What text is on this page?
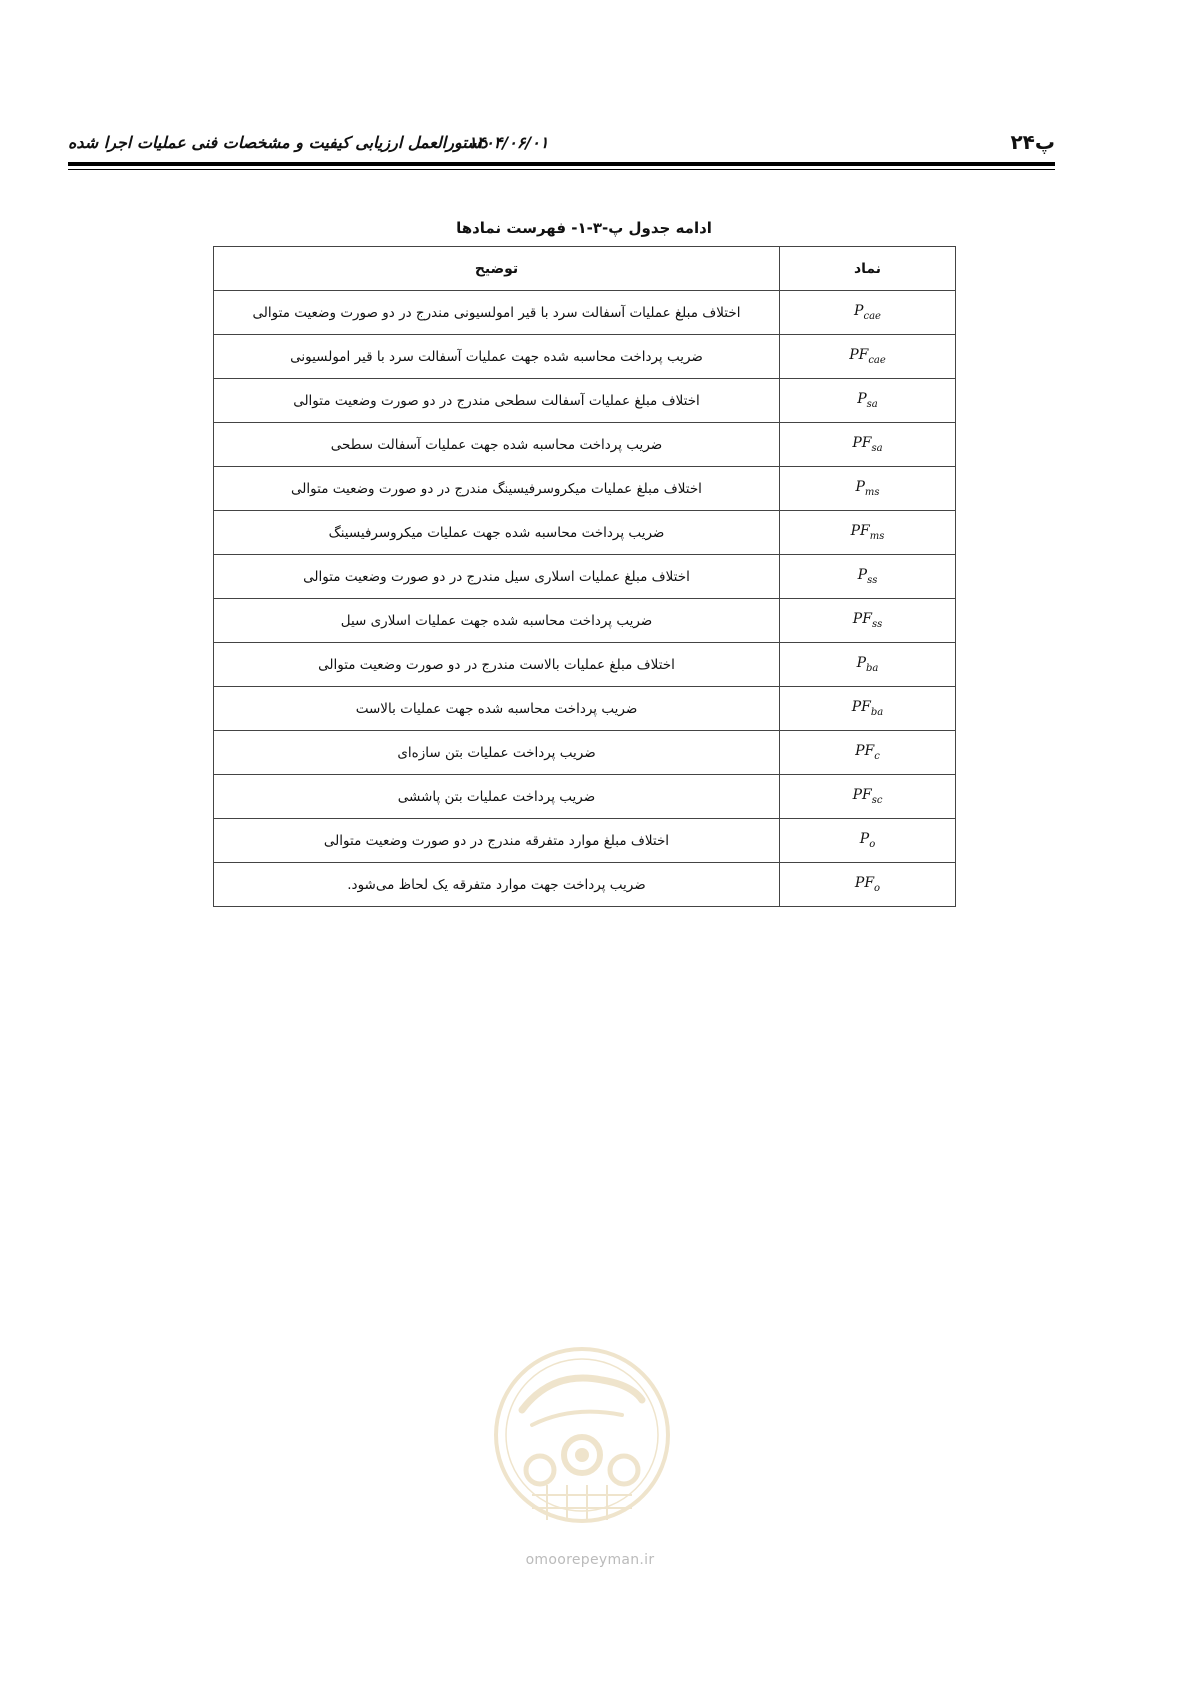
پ۲۴
۱۴۰۴/۰۶/۰۱
دستورالعمل ارزیابی کیفیت و مشخصات فنی عملیات اجرا شده
ادامه جدول پ-۳-۱- فهرست نمادها
نماد	توضیح
$P_{cae}$	اختلاف مبلغ عملیات آسفالت سرد با قیر امولسیونی مندرج در دو صورت وضعیت متوالی
$PF_{cae}$	ضریب پرداخت محاسبه شده جهت عملیات آسفالت سرد با قیر امولسیونی
$P_{sa}$	اختلاف مبلغ عملیات آسفالت سطحی مندرج در دو صورت وضعیت متوالی
$PF_{sa}$	ضریب پرداخت محاسبه شده جهت عملیات آسفالت سطحی
$P_{ms}$	اختلاف مبلغ عملیات میکروسرفیسینگ مندرج در دو صورت وضعیت متوالی
$PF_{ms}$	ضریب پرداخت محاسبه شده جهت عملیات میکروسرفیسینگ
$P_{ss}$	اختلاف مبلغ عملیات اسلاری سیل مندرج در دو صورت وضعیت متوالی
$PF_{ss}$	ضریب پرداخت محاسبه شده جهت عملیات اسلاری سیل
$P_{ba}$	اختلاف مبلغ عملیات بالاست مندرج در دو صورت وضعیت متوالی
$PF_{ba}$	ضریب پرداخت محاسبه شده جهت عملیات بالاست
$PF_c$	ضریب پرداخت عملیات بتن سازه‌ای
$PF_{sc}$	ضریب پرداخت عملیات بتن پاششی
$P_o$	اختلاف مبلغ موارد متفرقه مندرج در دو صورت وضعیت متوالی
$PF_o$	ضریب پرداخت جهت موارد متفرقه یک لحاظ می‌شود.
omoorepeyman.ir
